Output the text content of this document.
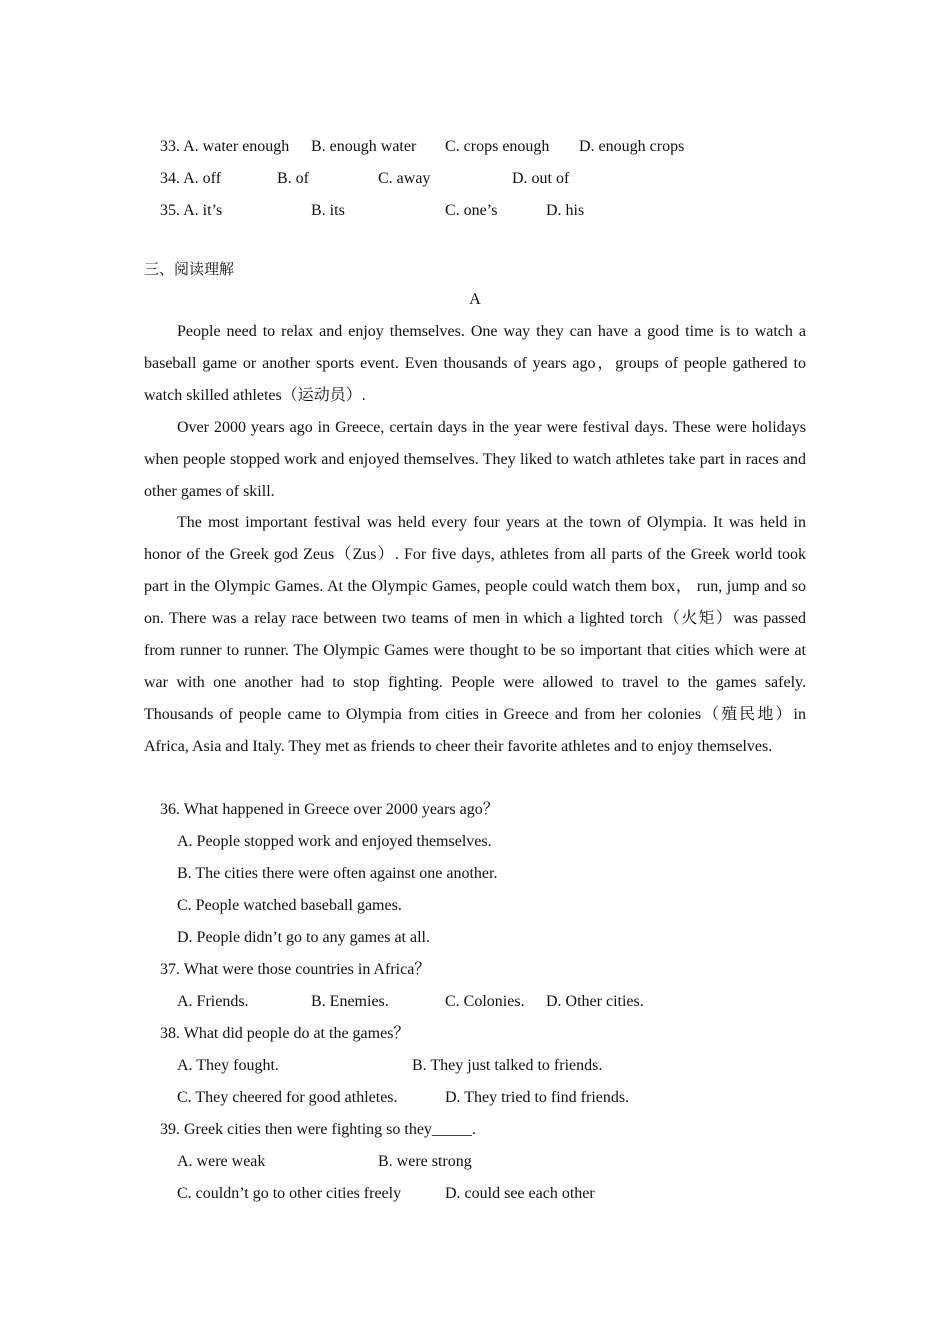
33. A. water enough B. enough water C. crops enough D. enough crops
34. A. off	B. of	C. away	D. out of
35. A. it’s	B. its	C. one’s	D. his
三、阅读理解
A
People need to relax and enjoy themselves. One way they can have a good time is to watch a baseball game or another sports event. Even thousands of years ago，groups of people gathered to watch skilled athletes（运动员）.
Over 2000 years ago in Greece, certain days in the year were festival days. These were holidays when people stopped work and enjoyed themselves. They liked to watch athletes take part in races and other games of skill.
The most important festival was held every four years at the town of Olympia. It was held in honor of the Greek god Zeus（Zus）. For five days, athletes from all parts of the Greek world took part in the Olympic Games. At the Olympic Games, people could watch them box， run, jump and so on. There was a relay race between two teams of men in which a lighted torch（火矩）was passed from runner to runner. The Olympic Games were thought to be so important that cities which were at war with one another had to stop fighting. People were allowed to travel to the games safely. Thousands of people came to Olympia from cities in Greece and from her colonies（殖民地）in Africa, Asia and Italy. They met as friends to cheer their favorite athletes and to enjoy themselves.
36. What happened in Greece over 2000 years ago？
A. People stopped work and enjoyed themselves.
B. The cities there were often against one another.
C. People watched baseball games.
D. People didn’t go to any games at all.
37. What were those countries in Africa？
A. Friends.	B. Enemies.	C. Colonies. D. Other cities.
38. What did people do at the games？
A. They fought.	B. They just talked to friends.
C. They cheered for good athletes.	D. They tried to find friends.
39. Greek cities then were fighting so they_____.
A. were weak	B. were strong
C. couldn’t go to other cities freely	D. could see each other
